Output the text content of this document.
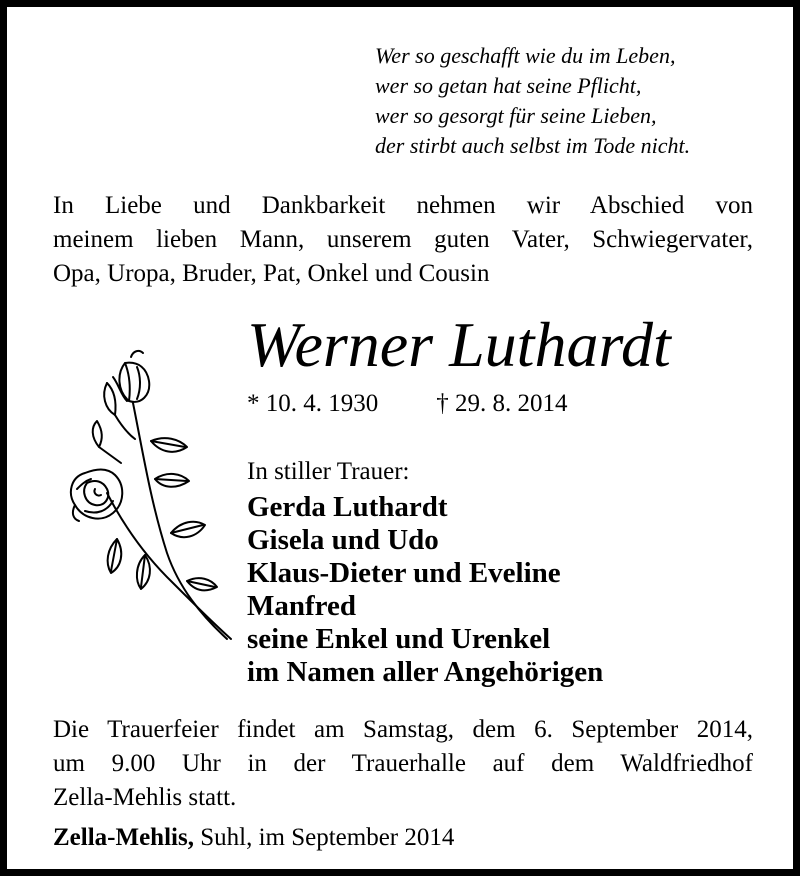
Wer so geschafft wie du im Leben,
wer so getan hat seine Pflicht,
wer so gesorgt für seine Lieben,
der stirbt auch selbst im Tode nicht.
In Liebe und Dankbarkeit nehmen wir Abschied von
meinem lieben Mann, unserem guten Vater, Schwiegervater,
Opa, Uropa, Bruder, Pat, Onkel und Cousin
Werner Luthardt
* 10. 4. 1930 † 29. 8. 2014
In stiller Trauer:
Gerda Luthardt
Gisela und Udo
Klaus-Dieter und Eveline
Manfred
seine Enkel und Urenkel
im Namen aller Angehörigen
Die Trauerfeier findet am Samstag, dem 6. September 2014,
um 9.00 Uhr in der Trauerhalle auf dem Waldfriedhof
Zella-Mehlis statt.
Zella-Mehlis, Suhl, im September 2014
